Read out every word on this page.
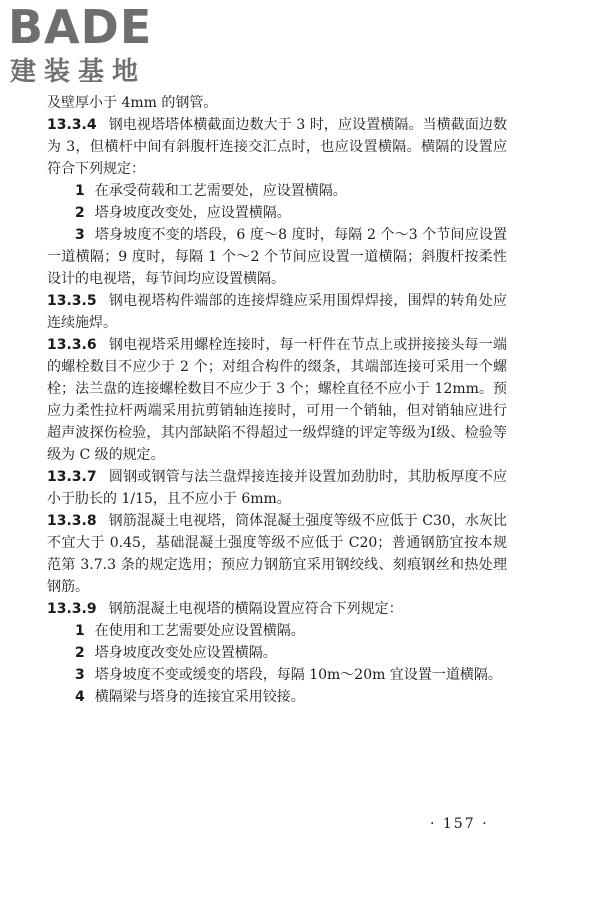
BADE
建装基地

及壁厚小于 4mm 的钢管。

13.3.4 钢电视塔塔体横截面边数大于 3 时，应设置横隔。当横截面边数为 3，但横杆中间有斜腹杆连接交汇点时，也应设置横隔。横隔的设置应符合下列规定：

1 在承受荷载和工艺需要处，应设置横隔。

2 塔身坡度改变处，应设置横隔。

3 塔身坡度不变的塔段，6 度～8 度时，每隔 2 个～3 个节间应设置一道横隔；9 度时，每隔 1 个～2 个节间应设置一道横隔；斜腹杆按柔性设计的电视塔，每节间均应设置横隔。

13.3.5 钢电视塔构件端部的连接焊缝应采用围焊焊接，围焊的转角处应连续施焊。

13.3.6 钢电视塔采用螺栓连接时，每一杆件在节点上或拼接接头每一端的螺栓数目不应少于 2 个；对组合构件的缀条，其端部连接可采用一个螺栓；法兰盘的连接螺栓数目不应少于 3 个；螺栓直径不应小于 12mm。预应力柔性拉杆两端采用抗剪销轴连接时，可用一个销轴，但对销轴应进行超声波探伤检验，其内部缺陷不得超过一级焊缝的评定等级为Ⅰ级、检验等级为 C 级的规定。

13.3.7 圆钢或钢管与法兰盘焊接连接并设置加劲肋时，其肋板厚度不应小于肋长的 1/15，且不应小于 6mm。

13.3.8 钢筋混凝土电视塔，筒体混凝土强度等级不应低于 C30，水灰比不宜大于 0.45，基础混凝土强度等级不应低于 C20；普通钢筋宜按本规范第 3.7.3 条的规定选用；预应力钢筋宜采用钢绞线、刻痕钢丝和热处理钢筋。

13.3.9 钢筋混凝土电视塔的横隔设置应符合下列规定：

1 在使用和工艺需要处应设置横隔。

2 塔身坡度改变处应设置横隔。

3 塔身坡度不变或缓变的塔段，每隔 10m～20m 宜设置一道横隔。

4 横隔梁与塔身的连接宜采用铰接。

· 157 ·
